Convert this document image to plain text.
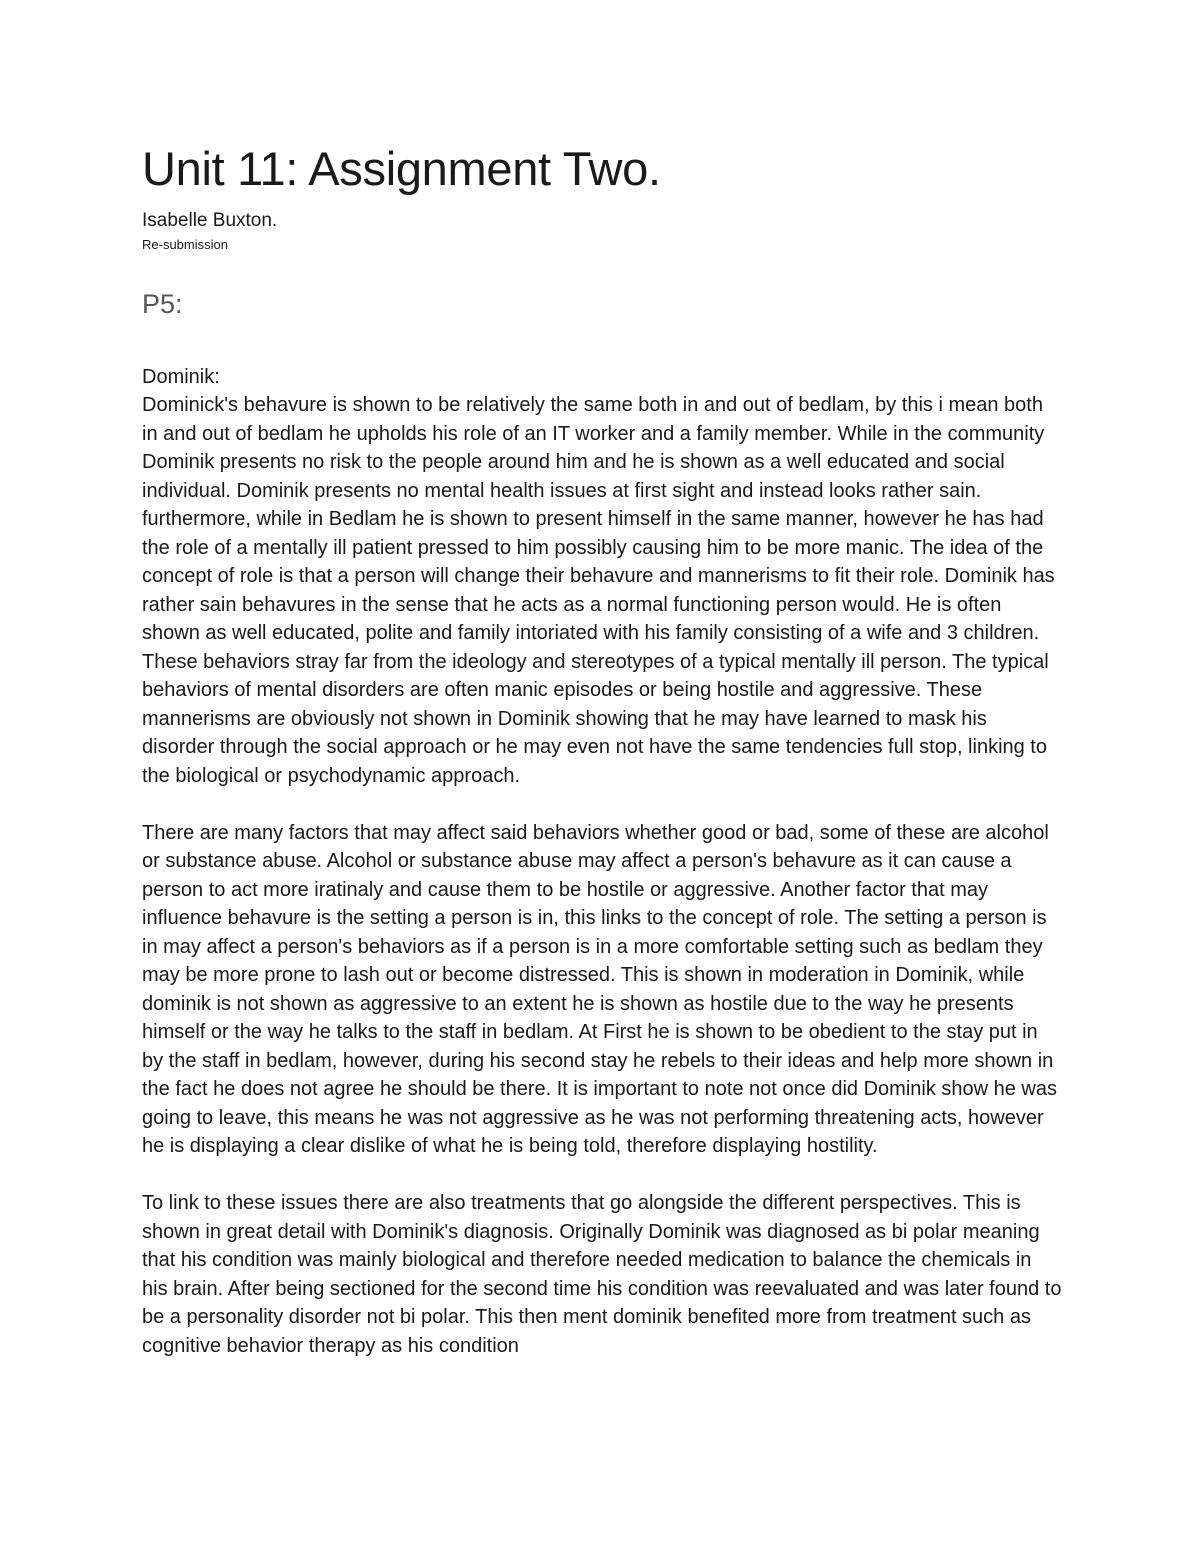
Unit 11: Assignment Two.

Isabelle Buxton.

Re-submission

P5:

Dominik:

Dominick's behavure is shown to be relatively the same both in and out of bedlam, by this i mean both in and out of bedlam he upholds his role of an IT worker and a family member. While in the community Dominik presents no risk to the people around him and he is shown as a well educated and social individual. Dominik presents no mental health issues at first sight and instead looks rather sain. furthermore, while in Bedlam he is shown to present himself in the same manner, however he has had the role of a mentally ill patient pressed to him possibly causing him to be more manic. The idea of the concept of role is that a person will change their behavure and mannerisms to fit their role. Dominik has rather sain behavures in the sense that he acts as a normal functioning person would. He is often shown as well educated, polite and family intoriated with his family consisting of a wife and 3 children. These behaviors stray far from the ideology and stereotypes of a typical mentally ill person. The typical behaviors of mental disorders are often manic episodes or being hostile and aggressive. These mannerisms are obviously not shown in Dominik showing that he may have learned to mask his disorder through the social approach or he may even not have the same tendencies full stop, linking to the biological or psychodynamic approach.

There are many factors that may affect said behaviors whether good or bad, some of these are alcohol or substance abuse. Alcohol or substance abuse may affect a person's behavure as it can cause a person to act more iratinaly and cause them to be hostile or aggressive. Another factor that may influence behavure is the setting a person is in, this links to the concept of role. The setting a person is in may affect a person's behaviors as if a person is in a more comfortable setting such as bedlam they may be more prone to lash out or become distressed. This is shown in moderation in Dominik, while dominik is not shown as aggressive to an extent he is shown as hostile due to the way he presents himself or the way he talks to the staff in bedlam. At First he is shown to be obedient to the stay put in by the staff in bedlam, however, during his second stay he rebels to their ideas and help more shown in the fact he does not agree he should be there. It is important to note not once did Dominik show he was going to leave, this means he was not aggressive as he was not performing threatening acts, however he is displaying a clear dislike of what he is being told, therefore displaying hostility.

To link to these issues there are also treatments that go alongside the different perspectives. This is shown in great detail with Dominik's diagnosis. Originally Dominik was diagnosed as bi polar meaning that his condition was mainly biological and therefore needed medication to balance the chemicals in his brain. After being sectioned for the second time his condition was reevaluated and was later found to be a personality disorder not bi polar. This then ment dominik benefited more from treatment such as cognitive behavior therapy as his condition
